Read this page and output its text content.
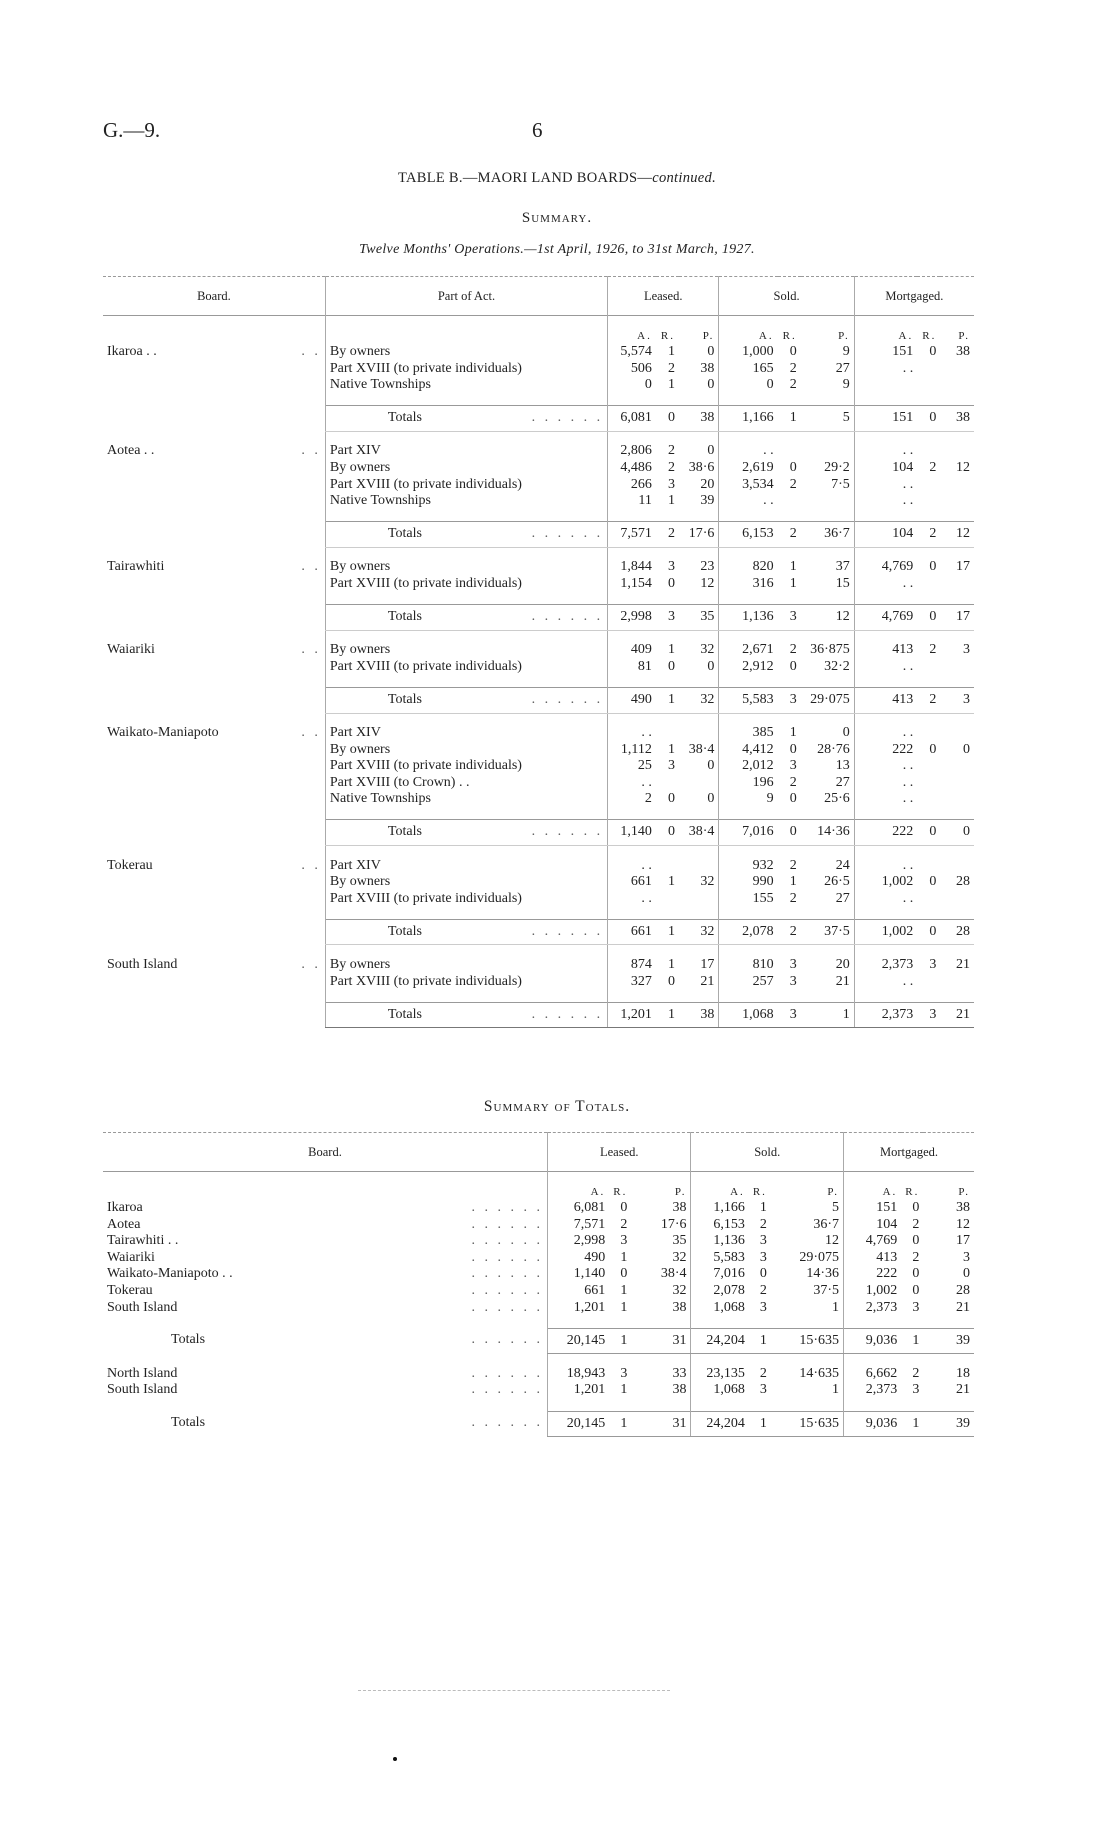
G.—9.	6
TABLE B.—MAORI LAND BOARDS—continued.
Summary.
Twelve Months' Operations.—1st April, 1926, to 31st March, 1927.
Board.	Part of Act.	Leased.			Sold.			Mortgaged.		

		A.	R.	P.	A.	R.	P.	A.	R.	P.
Ikaroa . . . .	By owners	5,574	1	0	1,000	0	9	151	0	38
	Part XVIII (to private individuals)	506	2	38	165	2	27	. .		
	Native Townships	0	1	0	0	2	9			

	Totals . . . . . .	6,081	0	38	1,166	1	5	151	0	38

Aotea . . . .	Part XIV	2,806	2	0	. .			. .		
	By owners	4,486	2	38·6	2,619	0	29·2	104	2	12
	Part XVIII (to private individuals)	266	3	20	3,534	2	7·5	. .		
	Native Townships	11	1	39	. .			. .		

	Totals . . . . . .	7,571	2	17·6	6,153	2	36·7	104	2	12

Tairawhiti . .	By owners	1,844	3	23	820	1	37	4,769	0	17
	Part XVIII (to private individuals)	1,154	0	12	316	1	15	. .		

	Totals . . . . . .	2,998	3	35	1,136	3	12	4,769	0	17

Waiariki . .	By owners	409	1	32	2,671	2	36·875	413	2	3
	Part XVIII (to private individuals)	81	0	0	2,912	0	32·2	. .		

	Totals . . . . . .	490	1	32	5,583	3	29·075	413	2	3

Waikato-Maniapoto . .	Part XIV	. .			385	1	0	. .		
	By owners	1,112	1	38·4	4,412	0	28·76	222	0	0
	Part XVIII (to private individuals)	25	3	0	2,012	3	13	. .		
	Part XVIII (to Crown) . .	. .			196	2	27	. .		
	Native Townships	2	0	0	9	0	25·6	. .		

	Totals . . . . . .	1,140	0	38·4	7,016	0	14·36	222	0	0

Tokerau . .	Part XIV	. .			932	2	24	. .		
	By owners	661	1	32	990	1	26·5	1,002	0	28
	Part XVIII (to private individuals)	. .			155	2	27	. .		

	Totals . . . . . .	661	1	32	2,078	2	37·5	1,002	0	28

South Island . .	By owners	874	1	17	810	3	20	2,373	3	21
	Part XVIII (to private individuals)	327	0	21	257	3	21	. .		

	Totals . . . . . .	1,201	1	38	1,068	3	1	2,373	3	21
Summary of Totals.
Board.	Leased.			Sold.			Mortgaged.		

	A.	R.	P.	A.	R.	P.	A.	R.	P.
Ikaroa . . . . . .	6,081	0	38	1,166	1	5	151	0	38
Aotea . . . . . .	7,571	2	17·6	6,153	2	36·7	104	2	12
Tairawhiti . . . . . . . .	2,998	3	35	1,136	3	12	4,769	0	17
Waiariki . . . . . .	490	1	32	5,583	3	29·075	413	2	3
Waikato-Maniapoto . . . . . . . .	1,140	0	38·4	7,016	0	14·36	222	0	0
Tokerau . . . . . .	661	1	32	2,078	2	37·5	1,002	0	28
South Island . . . . . .	1,201	1	38	1,068	3	1	2,373	3	21

Totals . . . . . .	20,145	1	31	24,204	1	15·635	9,036	1	39

North Island . . . . . .	18,943	3	33	23,135	2	14·635	6,662	2	18
South Island . . . . . .	1,201	1	38	1,068	3	1	2,373	3	21

Totals . . . . . .	20,145	1	31	24,204	1	15·635	9,036	1	39
